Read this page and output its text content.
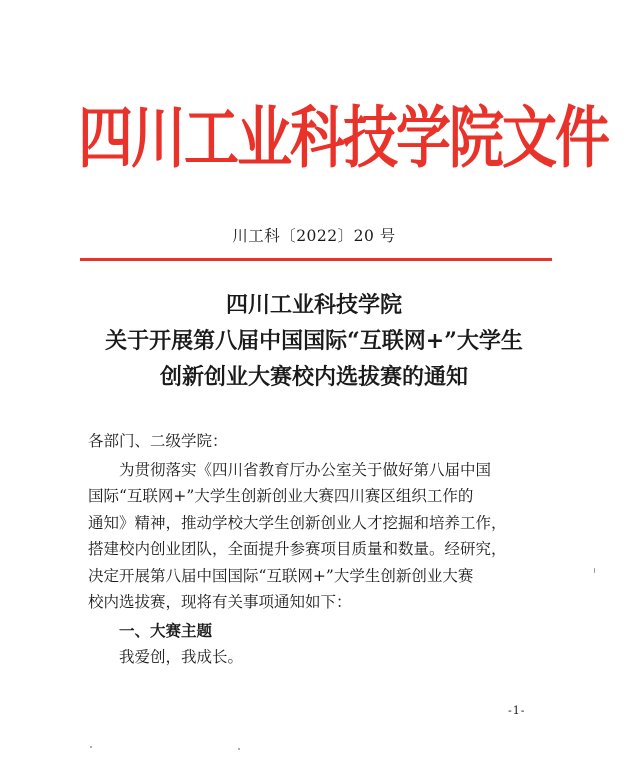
四川工业科技学院文件
川工科〔2022〕20 号
四川工业科技学院
关于开展第八届中国国际“互联网+”大学生
创新创业大赛校内选拔赛的通知

各部门、二级学院：

为贯彻落实《四川省教育厅办公室关于做好第八届中国

国际“互联网+”大学生创新创业大赛四川赛区组织工作的

通知》精神，推动学校大学生创新创业人才挖掘和培养工作，

搭建校内创业团队，全面提升参赛项目质量和数量。经研究，

决定开展第八届中国国际“互联网+”大学生创新创业大赛

校内选拔赛，现将有关事项通知如下：

一、大赛主题

我爱创，我成长。

-1-
